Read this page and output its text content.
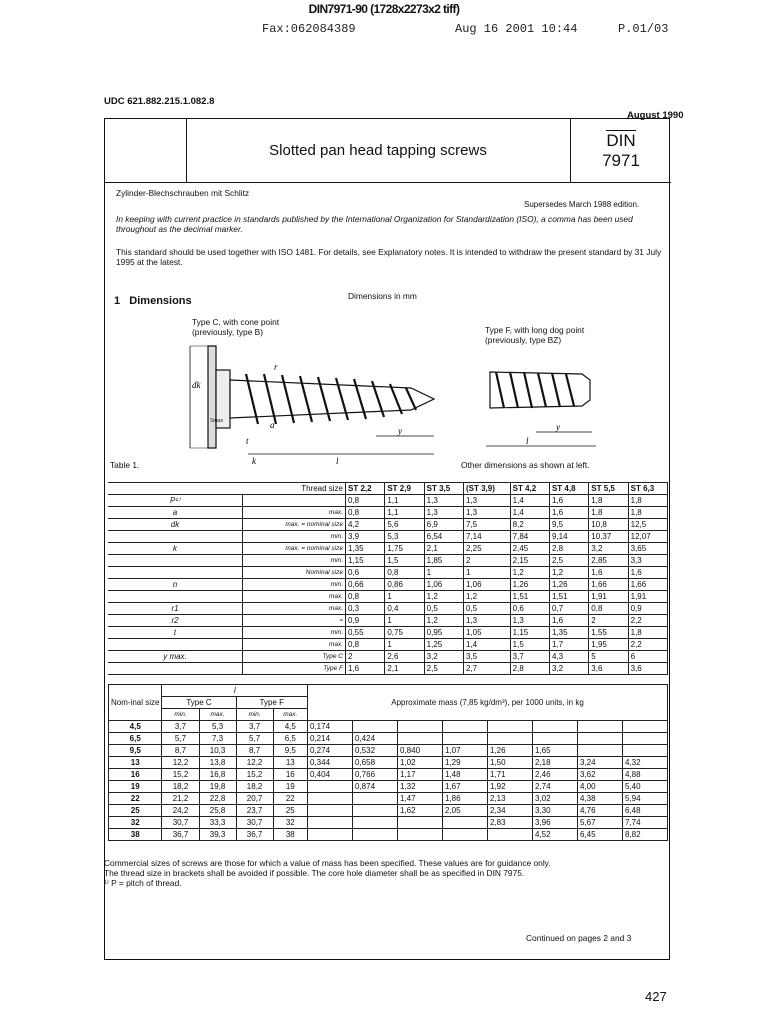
DIN7971-90 (1728x2273x2 tiff)
Fax:062084389	Aug 16 2001 10:44	P.01/03
UDC 621.882.215.1.082.8
August 1990
Slotted pan head tapping screws	DIN
7971
Zylinder-Blechschrauben mit Schlitz
Supersedes March 1988 edition.
In keeping with current practice in standards published by the International Organization for Standardization (ISO), a comma has been used throughout as the decimal marker.
This standard should be used together with ISO 1481. For details, see Explanatory notes. It is intended to withdraw the present standard by 31 July 1995 at the latest.
1 Dimensions	Dimensions in mm
Type C, with cone point
(previously, type B)	Type F, with long dog point
(previously, type BZ)
dk
a
y
l
t
k
r
5max
y
l
Table 1.	Other dimensions as shown at left.
Thread size		ST 2,2	ST 2,9	ST 3,5	(ST 3,9)	ST 4,2	ST 4,8	ST 5,5	ST 6,3
P¹⁾		0,8	1,1	1,3	1,3	1,4	1,6	1,8	1,8
a	max.	0,8	1,1	1,3	1,3	1,4	1,6	1,8	1,8
dk	max. = nominal size	4,2	5,6	6,9	7,5	8,2	9,5	10,8	12,5
	min.	3,9	5,3	6,54	7,14	7,84	9,14	10,37	12,07
k	max. = nominal size	1,35	1,75	2,1	2,25	2,45	2,8	3,2	3,65
	min.	1,15	1,5	1,85	2	2,15	2,5	2,85	3,3
	Nominal size	0,6	0,8	1	1	1,2	1,2	1,6	1,6
n	min.	0,66	0,86	1,06	1,06	1,26	1,26	1,66	1,66
	max.	0,8	1	1,2	1,2	1,51	1,51	1,91	1,91
r1	max.	0,3	0,4	0,5	0,5	0,6	0,7	0,8	0,9
r2	≈	0,9	1	1,2	1,3	1,3	1,6	2	2,2
t	min.	0,55	0,75	0,95	1,05	1,15	1,35	1,55	1,8
	max.	0,8	1	1,25	1,4	1,5	1,7	1,95	2,2
y max.	Type C	2	2,6	3,2	3,5	3,7	4,3	5	6
	Type F	1,6	2,1	2,5	2,7	2,8	3,2	3,6	3,6
Nom-inal size	l				Approximate mass (7,85 kg/dm³), per 1000 units, in kg							
	Type C		Type F									
	min.	max.	min.	max.								
4,5	3,7	5,3	3,7	4,5	0,174							
6,5	5,7	7,3	5,7	6,5	0,214	0,424						
9,5	8,7	10,3	8,7	9,5	0,274	0,532	0,840	1,07	1,26	1,65		
13	12,2	13,8	12,2	13	0,344	0,658	1,02	1,29	1,50	2,18	3,24	4,32
16	15,2	16,8	15,2	16	0,404	0,766	1,17	1,48	1,71	2,46	3,62	4,88
19	18,2	19,8	18,2	19		0,874	1,32	1,67	1,92	2,74	4,00	5,40
22	21,2	22,8	20,7	22			1,47	1,86	2,13	3,02	4,38	5,94
25	24,2	25,8	23,7	25			1,62	2,05	2,34	3,30	4,76	6,48
32	30,7	33,3	30,7	32					2,83	3,96	5,67	7,74
38	36,7	39,3	36,7	38						4,52	6,45	8,82
Commercial sizes of screws are those for which a value of mass has been specified. These values are for guidance only.
The thread size in brackets shall be avoided if possible. The core hole diameter shall be as specified in DIN 7975.
¹⁾ P = pitch of thread.
Continued on pages 2 and 3
427
